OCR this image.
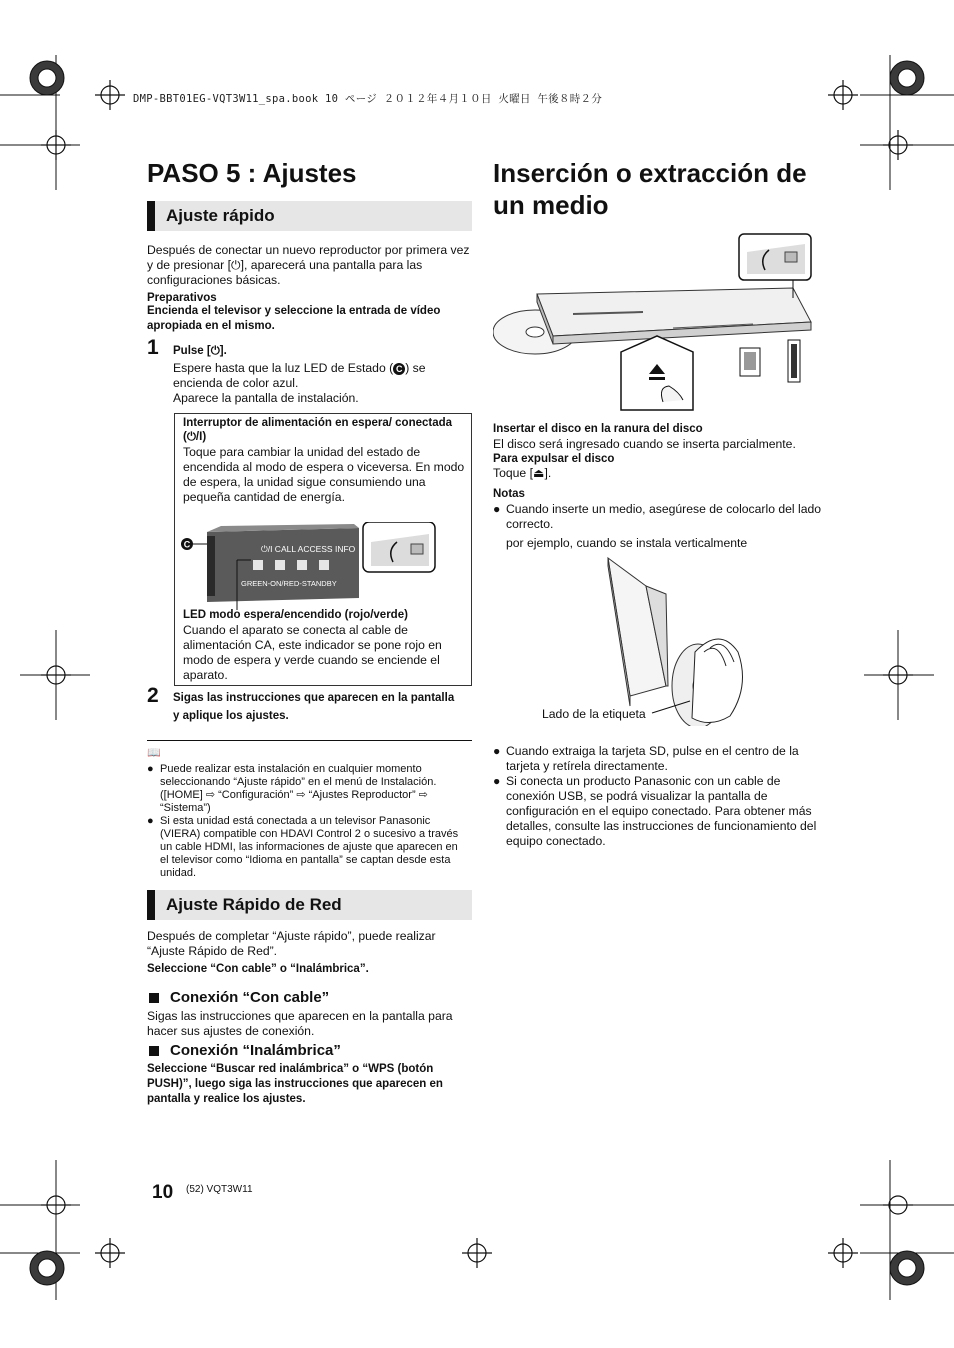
DMP-BBT01EG-VQT3W11_spa.book 10 ページ ２０１２年４月１０日 火曜日 午後８時２分
PASO 5 : Ajustes
Ajuste rápido
Después de conectar un nuevo reproductor por primera vez y de presionar [⏻], aparecerá una pantalla para las configuraciones básicas.
Preparativos
Encienda el televisor y seleccione la entrada de vídeo apropiada en el mismo.
1 Pulse [⏻].
Espere hasta que la luz LED de Estado ( C ) se encienda de color azul.
Aparece la pantalla de instalación.
Interruptor de alimentación en espera/ conectada (⏻/I)
Toque para cambiar la unidad del estado de encendida al modo de espera o viceversa. En modo de espera, la unidad sigue consumiendo una pequeña cantidad de energía.
⏻/I CALL ACCESS INFO
GREEN-ON/RED-STANDBY
C
LED modo espera/encendido (rojo/verde)
Cuando el aparato se conecta al cable de alimentación CA, este indicador se pone rojo en modo de espera y verde cuando se enciende el aparato.
2 Sigas las instrucciones que aparecen en la pantalla y aplique los ajustes.
📖
● Puede realizar esta instalación en cualquier momento seleccionando “Ajuste rápido” en el menú de Instalación. ([HOME] ⇨ “Configuración” ⇨ “Ajustes Reproductor” ⇨ “Sistema”)
● Si esta unidad está conectada a un televisor Panasonic (VIERA) compatible con HDAVI Control 2 o sucesivo a través un cable HDMI, las informaciones de ajuste que aparecen en el televisor como “Idioma en pantalla” se captan desde esta unidad.
Ajuste Rápido de Red
Después de completar “Ajuste rápido”, puede realizar “Ajuste Rápido de Red”.
Seleccione “Con cable” o “Inalámbrica”.
Conexión “Con cable”
Sigas las instrucciones que aparecen en la pantalla para hacer sus ajustes de conexión.
Conexión “Inalámbrica”
Seleccione “Buscar red inalámbrica” o “WPS (botón PUSH)”, luego siga las instrucciones que aparecen en pantalla y realice los ajustes.
Inserción o extracción de un medio
Insertar el disco en la ranura del disco
El disco será ingresado cuando se inserta parcialmente.
Para expulsar el disco
Toque [⏏].
Notas
● Cuando inserte un medio, asegúrese de colocarlo del lado correcto.
por ejemplo, cuando se instala verticalmente
Lado de la etiqueta
● Cuando extraiga la tarjeta SD, pulse en el centro de la tarjeta y retírela directamente.
● Si conecta un producto Panasonic con un cable de conexión USB, se podrá visualizar la pantalla de configuración en el equipo conectado. Para obtener más detalles, consulte las instrucciones de funcionamiento del equipo conectado.
10 (52) VQT3W11
